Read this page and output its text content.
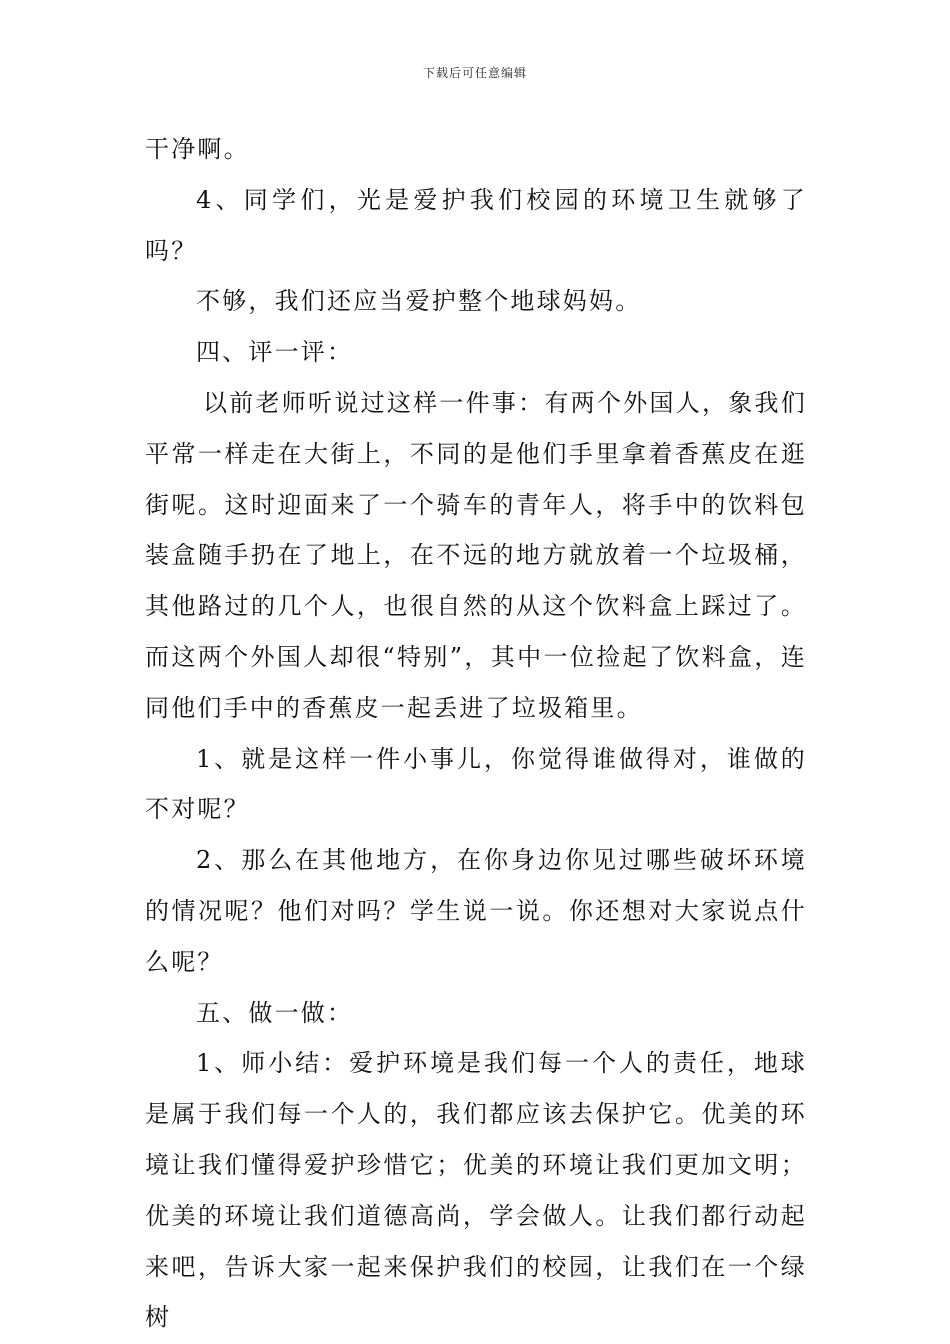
下载后可任意编辑

干净啊。

4、同学们，光是爱护我们校园的环境卫生就够了吗？

不够，我们还应当爱护整个地球妈妈。

四、评一评：

以前老师听说过这样一件事：有两个外国人，象我们平常一样走在大街上，不同的是他们手里拿着香蕉皮在逛街呢。这时迎面来了一个骑车的青年人，将手中的饮料包装盒随手扔在了地上，在不远的地方就放着一个垃圾桶，其他路过的几个人，也很自然的从这个饮料盒上踩过了。而这两个外国人却很“特别”，其中一位捡起了饮料盒，连同他们手中的香蕉皮一起丢进了垃圾箱里。

1、就是这样一件小事儿，你觉得谁做得对，谁做的不对呢？

2、那么在其他地方，在你身边你见过哪些破坏环境的情况呢？他们对吗？学生说一说。你还想对大家说点什么呢？

五、做一做：

1、师小结：爱护环境是我们每一个人的责任，地球是属于我们每一个人的，我们都应该去保护它。优美的环境让我们懂得爱护珍惜它；优美的环境让我们更加文明；优美的环境让我们道德高尚，学会做人。让我们都行动起来吧，告诉大家一起来保护我们的校园，让我们在一个绿树
